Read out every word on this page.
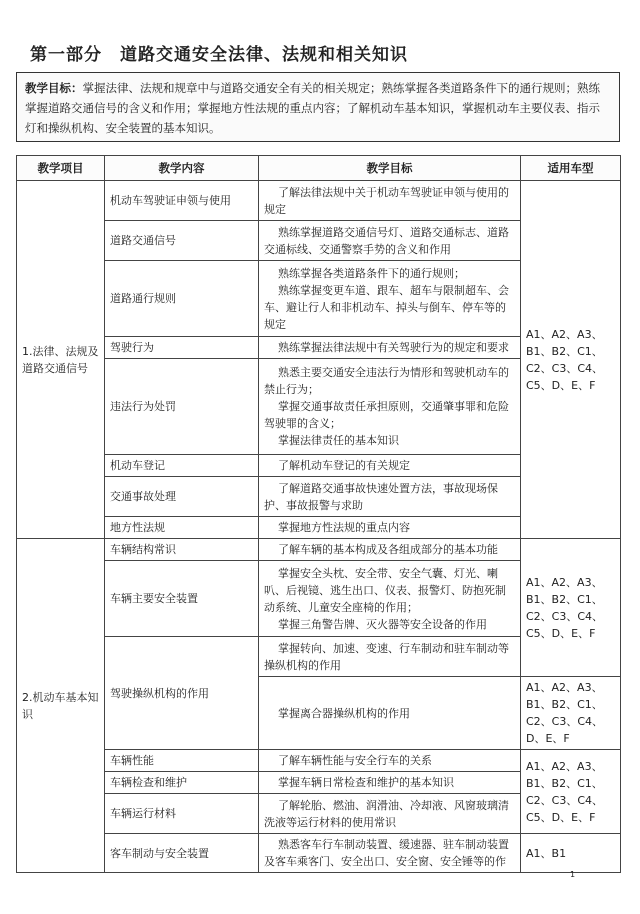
第一部分 道路交通安全法律、法规和相关知识
教学目标：掌握法律、法规和规章中与道路交通安全有关的相关规定；熟练掌握各类道路条件下的通行规则；熟练掌握道路交通信号的含义和作用；掌握地方性法规的重点内容；了解机动车基本知识，掌握机动车主要仪表、指示灯和操纵机构、安全装置的基本知识。
教学项目	教学内容	教学目标	适用车型
1.法律、法规及道路交通信号	机动车驾驶证申领与使用	了解法律法规中关于机动车驾驶证申领与使用的规定	A1、A2、A3、B1、B2、C1、C2、C3、C4、C5、D、E、F
	道路交通信号	熟练掌握道路交通信号灯、道路交通标志、道路交通标线、交通警察手势的含义和作用	

	道路通行规则	熟练掌握各类道路条件下的通行规则；
熟练掌握变更车道、跟车、超车与限制超车、会车、避让行人和非机动车、掉头与倒车、停车等的规定	

	驾驶行为	熟练掌握法律法规中有关驾驶行为的规定和要求	

	违法行为处罚	熟悉主要交通安全违法行为情形和驾驶机动车的禁止行为；
掌握交通事故责任承担原则，交通肇事罪和危险驾驶罪的含义；
掌握法律责任的基本知识	

	机动车登记	了解机动车登记的有关规定	

	交通事故处理	了解道路交通事故快速处置方法，事故现场保护、事故报警与求助	

	地方性法规	掌握地方性法规的重点内容	

2.机动车基本知识	车辆结构常识	了解车辆的基本构成及各组成部分的基本功能	A1、A2、A3、B1、B2、C1、C2、C3、C4、C5、D、E、F
	车辆主要安全装置	掌握安全头枕、安全带、安全气囊、灯光、喇叭、后视镜、逃生出口、仪表、报警灯、防抱死制动系统、儿童安全座椅的作用；
掌握三角警告牌、灭火器等安全设备的作用	

	驾驶操纵机构的作用	掌握转向、加速、变速、行车制动和驻车制动等操纵机构的作用	

		掌握离合器操纵机构的作用	A1、A2、A3、B1、B2、C1、C2、C3、C4、D、E、F
	车辆性能	了解车辆性能与安全行车的关系	A1、A2、A3、B1、B2、C1、C2、C3、C4、C5、D、E、F
	车辆检查和维护	掌握车辆日常检查和维护的基本知识	

	车辆运行材料	了解轮胎、燃油、润滑油、冷却液、风窗玻璃清洗液等运行材料的使用常识	

	客车制动与安全装置	熟悉客车行车制动装置、缓速器、驻车制动装置及客车乘客门、安全出口、安全窗、安全锤等的作	A1、B1
1
